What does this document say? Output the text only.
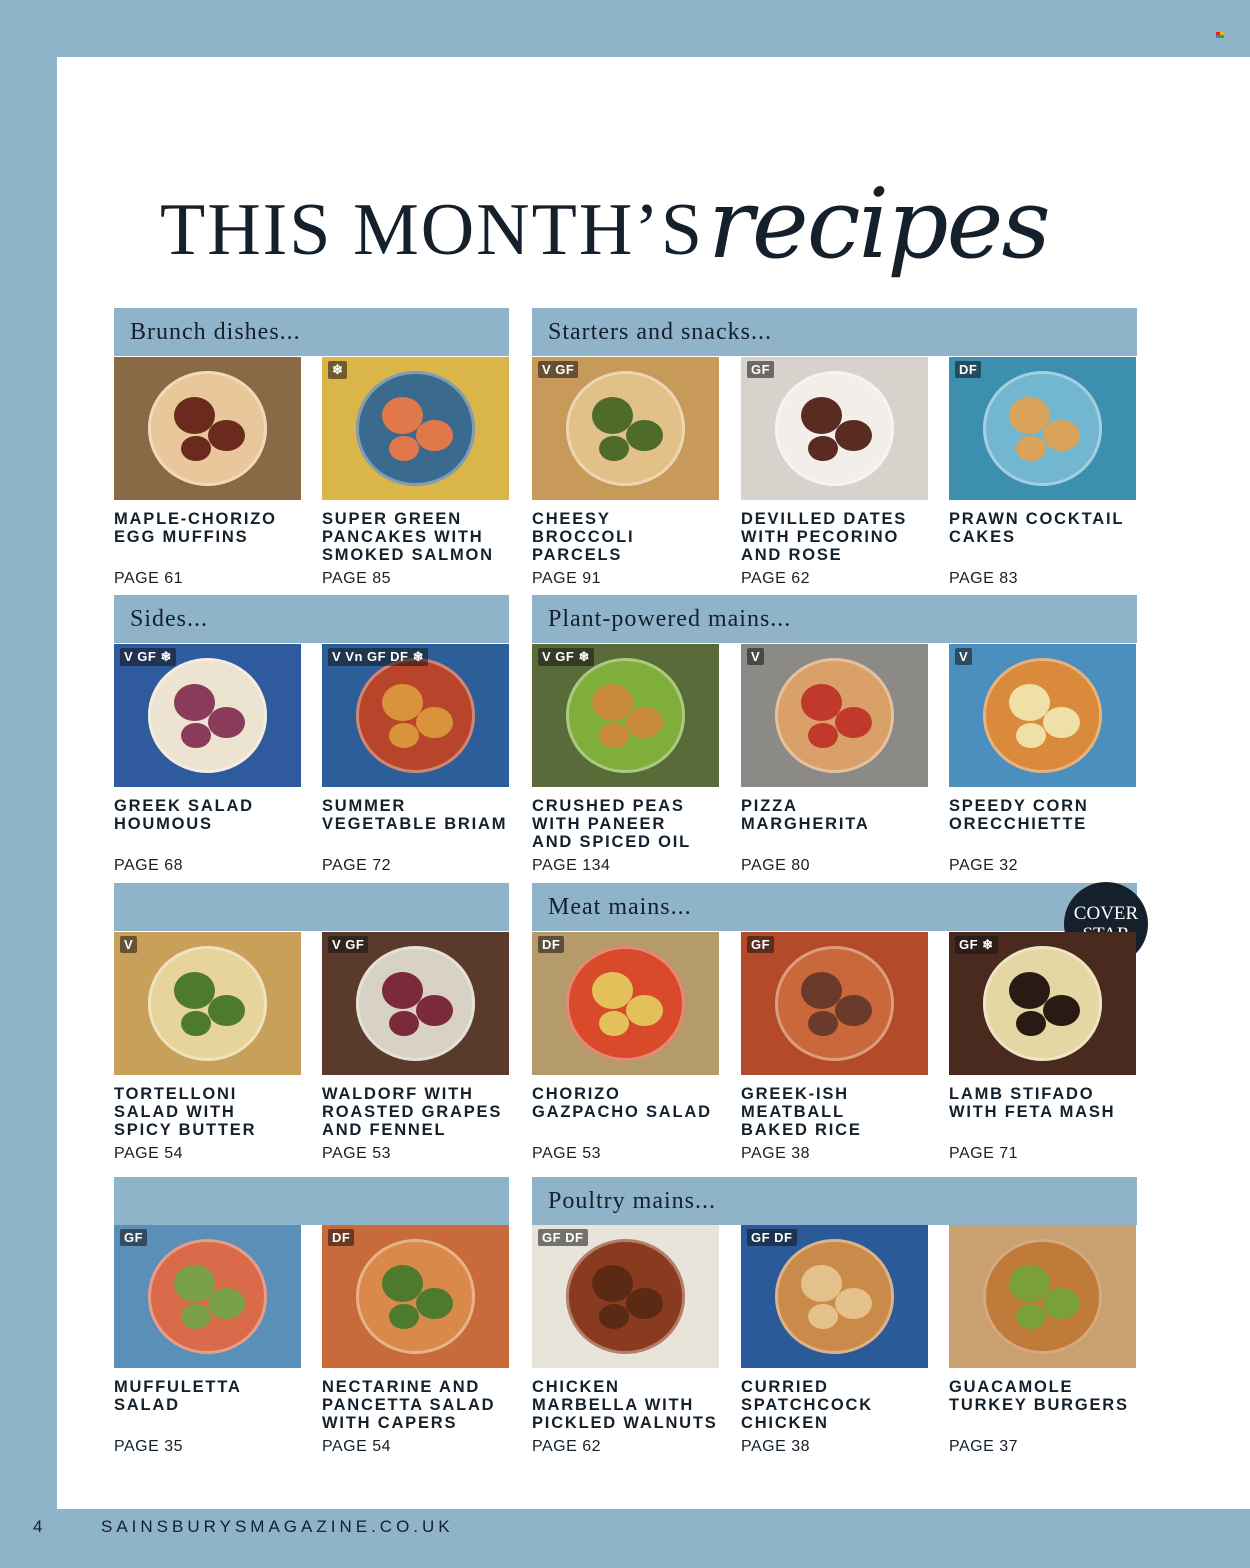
THIS MONTH’S recipes
Brunch dishes...	Starters and snacks...
Sides...	Plant-powered mains...
Meat mains...
Poultry mains...
COVER
MAPLE-CHORIZO
EGG MUFFINS
PAGE 61
❄
SUPER GREEN
PANCAKES WITH
SMOKED SALMON
PAGE 85
V GF
CHEESY BROCCOLI
PARCELS
PAGE 91
GF
DEVILLED DATES
WITH PECORINO
AND ROSE
PAGE 62
DF
PRAWN COCKTAIL
CAKES
PAGE 83
V GF ❄
GREEK SALAD
HOUMOUS
PAGE 68
V Vn GF DF ❄
SUMMER
VEGETABLE BRIAM
PAGE 72
V GF ❄
CRUSHED PEAS
WITH PANEER
AND SPICED OIL
PAGE 134
V
PIZZA
MARGHERITA
PAGE 80
V
SPEEDY CORN
ORECCHIETTE
PAGE 32
V
TORTELLONI
SALAD WITH
SPICY BUTTER
PAGE 54
V GF
WALDORF WITH
ROASTED GRAPES
AND FENNEL
PAGE 53
DF
CHORIZO
GAZPACHO SALAD
PAGE 53
GF
GREEK-ISH
MEATBALL
BAKED RICE
PAGE 38
GF ❄
LAMB STIFADO
WITH FETA MASH
PAGE 71
GF
MUFFULETTA
SALAD
PAGE 35
DF
NECTARINE AND
PANCETTA SALAD
WITH CAPERS
PAGE 54
GF DF
CHICKEN
MARBELLA WITH
PICKLED WALNUTS
PAGE 62
GF DF
CURRIED
SPATCHCOCK
CHICKEN
PAGE 38
GUACAMOLE
TURKEY BURGERS
PAGE 37
4	SAINSBURYSMAGAZINE.CO.UK
